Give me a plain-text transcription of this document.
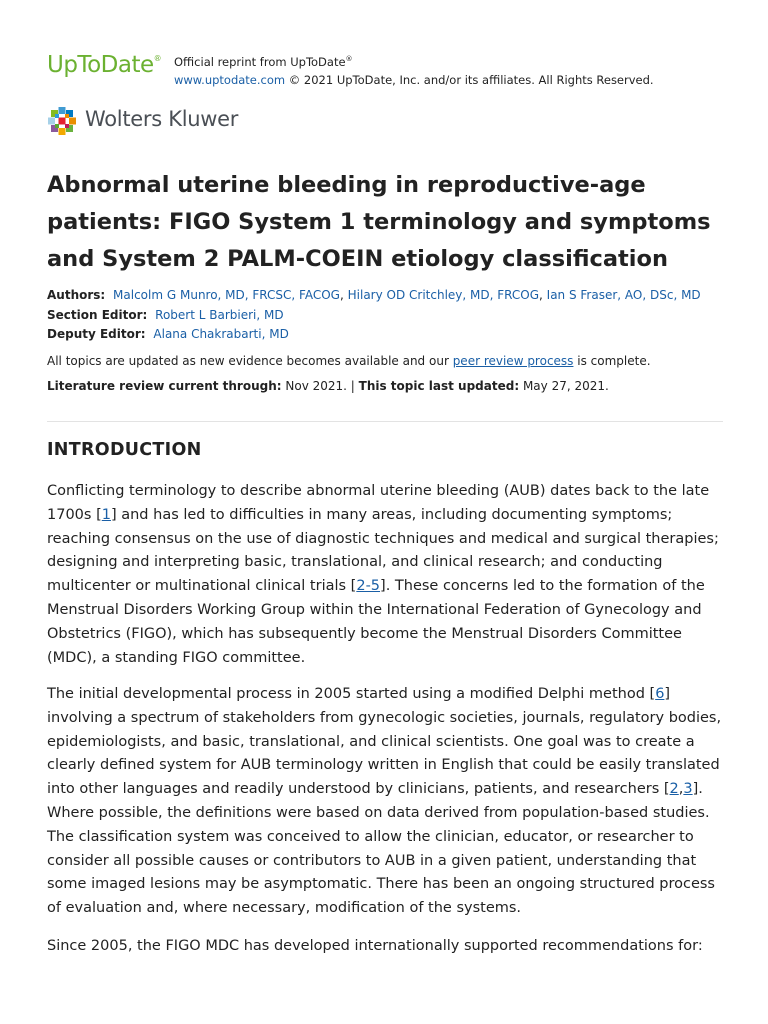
UpToDate® Official reprint from UpToDate®
www.uptodate.com © 2021 UpToDate, Inc. and/or its affiliates. All Rights Reserved.
Wolters Kluwer
Abnormal uterine bleeding in reproductive-age patients: FIGO System 1 terminology and symptoms and System 2 PALM-COEIN etiology classification
Authors: Malcolm G Munro, MD, FRCSC, FACOG, Hilary OD Critchley, MD, FRCOG, Ian S Fraser, AO, DSc, MD
Section Editor: Robert L Barbieri, MD
Deputy Editor: Alana Chakrabarti, MD
All topics are updated as new evidence becomes available and our peer review process is complete.
Literature review current through: Nov 2021. | This topic last updated: May 27, 2021.
INTRODUCTION

Conflicting terminology to describe abnormal uterine bleeding (AUB) dates back to the late 1700s [1] and has led to difficulties in many areas, including documenting symptoms; reaching consensus on the use of diagnostic techniques and medical and surgical therapies; designing and interpreting basic, translational, and clinical research; and conducting multicenter or multinational clinical trials [2-5]. These concerns led to the formation of the Menstrual Disorders Working Group within the International Federation of Gynecology and Obstetrics (FIGO), which has subsequently become the Menstrual Disorders Committee (MDC), a standing FIGO committee.

The initial developmental process in 2005 started using a modified Delphi method [6] involving a spectrum of stakeholders from gynecologic societies, journals, regulatory bodies, epidemiologists, and basic, translational, and clinical scientists. One goal was to create a clearly defined system for AUB terminology written in English that could be easily translated into other languages and readily understood by clinicians, patients, and researchers [2,3]. Where possible, the definitions were based on data derived from population-based studies. The classification system was conceived to allow the clinician, educator, or researcher to consider all possible causes or contributors to AUB in a given patient, understanding that some imaged lesions may be asymptomatic. There has been an ongoing structured process of evaluation and, where necessary, modification of the systems.

Since 2005, the FIGO MDC has developed internationally supported recommendations for:
